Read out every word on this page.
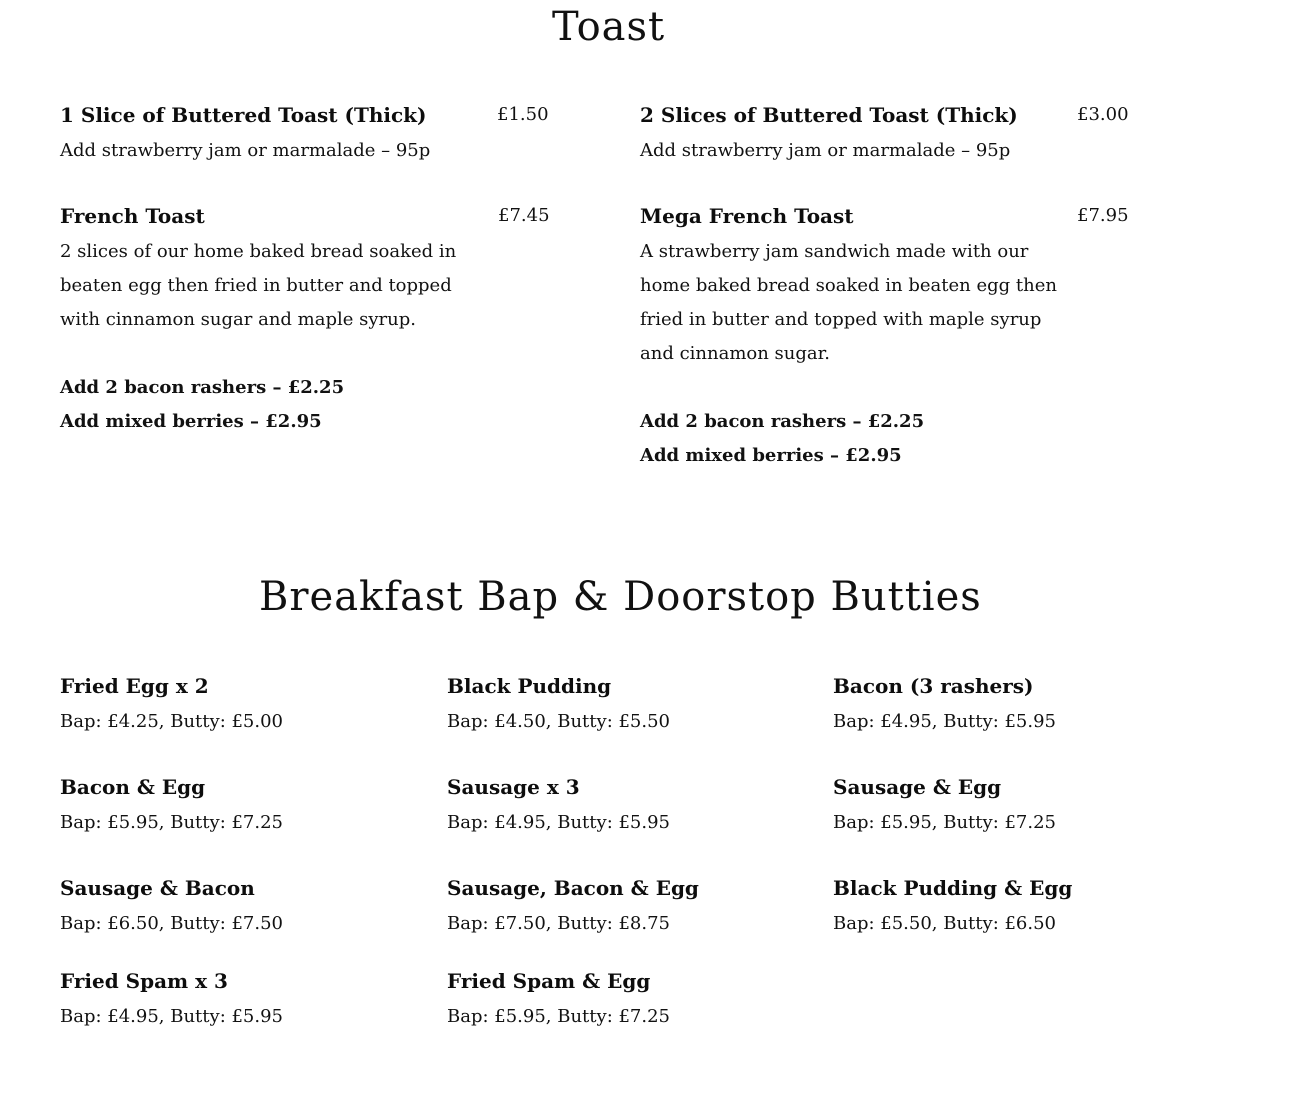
Toast
1 Slice of Buttered Toast (Thick)	£1.50
Add strawberry jam or marmalade – 95p
2 Slices of Buttered Toast (Thick)	£3.00
Add strawberry jam or marmalade – 95p
French Toast	£7.45
2 slices of our home baked bread soaked in
beaten egg then fried in butter and topped
with cinnamon sugar and maple syrup.
Add 2 bacon rashers – £2.25
Add mixed berries – £2.95
Mega French Toast	£7.95
A strawberry jam sandwich made with our
home baked bread soaked in beaten egg then
fried in butter and topped with maple syrup
and cinnamon sugar.
Add 2 bacon rashers – £2.25
Add mixed berries – £2.95
Breakfast Bap & Doorstop Butties
Fried Egg x 2
Bap: £4.25, Butty: £5.00
Black Pudding
Bap: £4.50, Butty: £5.50
Bacon (3 rashers)
Bap: £4.95, Butty: £5.95
Bacon & Egg
Bap: £5.95, Butty: £7.25
Sausage x 3
Bap: £4.95, Butty: £5.95
Sausage & Egg
Bap: £5.95, Butty: £7.25
Sausage & Bacon
Bap: £6.50, Butty: £7.50
Sausage, Bacon & Egg
Bap: £7.50, Butty: £8.75
Black Pudding & Egg
Bap: £5.50, Butty: £6.50
Fried Spam x 3
Bap: £4.95, Butty: £5.95
Fried Spam & Egg
Bap: £5.95, Butty: £7.25
